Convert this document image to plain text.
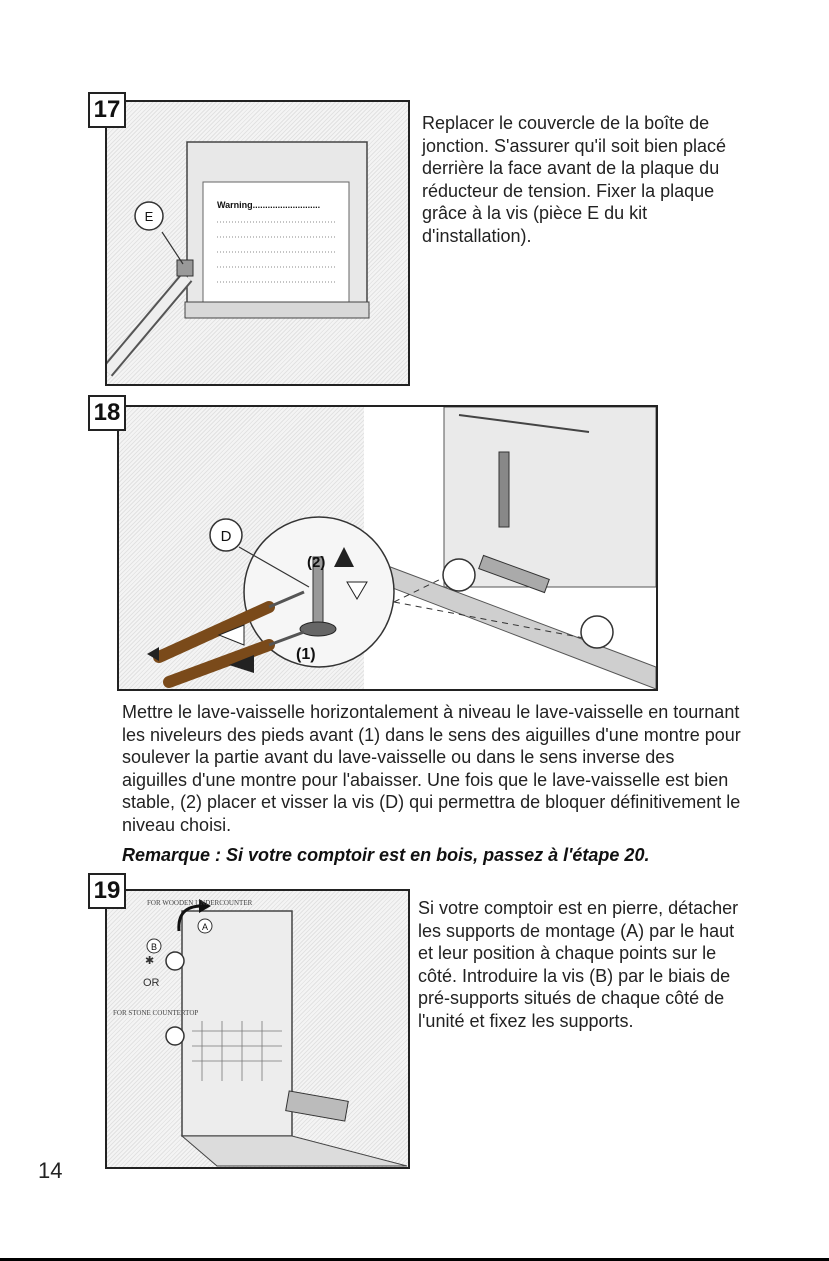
Warning...........................
E
17	Replacer le couvercle de la boîte de jonction. S'assurer qu'il soit bien placé derrière la face avant de la plaque du réducteur de tension. Fixer la plaque grâce à la vis (pièce E du kit d'installation).

D
(2)
(1)
18

Mettre le lave-vaisselle horizontalement à niveau le lave-vaisselle en tournant les niveleurs des pieds avant (1) dans le sens des aiguilles d'une montre pour soulever la partie avant du lave-vaisselle ou dans le sens inverse des aiguilles d'une montre pour l'abaisser. Une fois que le lave-vaisselle est bien stable, (2) placer et visser la vis (D) qui permettra de bloquer définitivement le niveau choisi.

Remarque : Si votre comptoir est en bois, passez à l'étape 20.

B
A
✱
OR
FOR WOODEN UNDERCOUNTER
FOR STONE COUNTERTOP
19

Si votre comptoir est en pierre, détacher les supports de montage (A) par le haut et leur position à chaque points sur le côté. Introduire la vis (B) par le biais de pré-supports situés de chaque côté de l'unité et fixez les supports.

14
